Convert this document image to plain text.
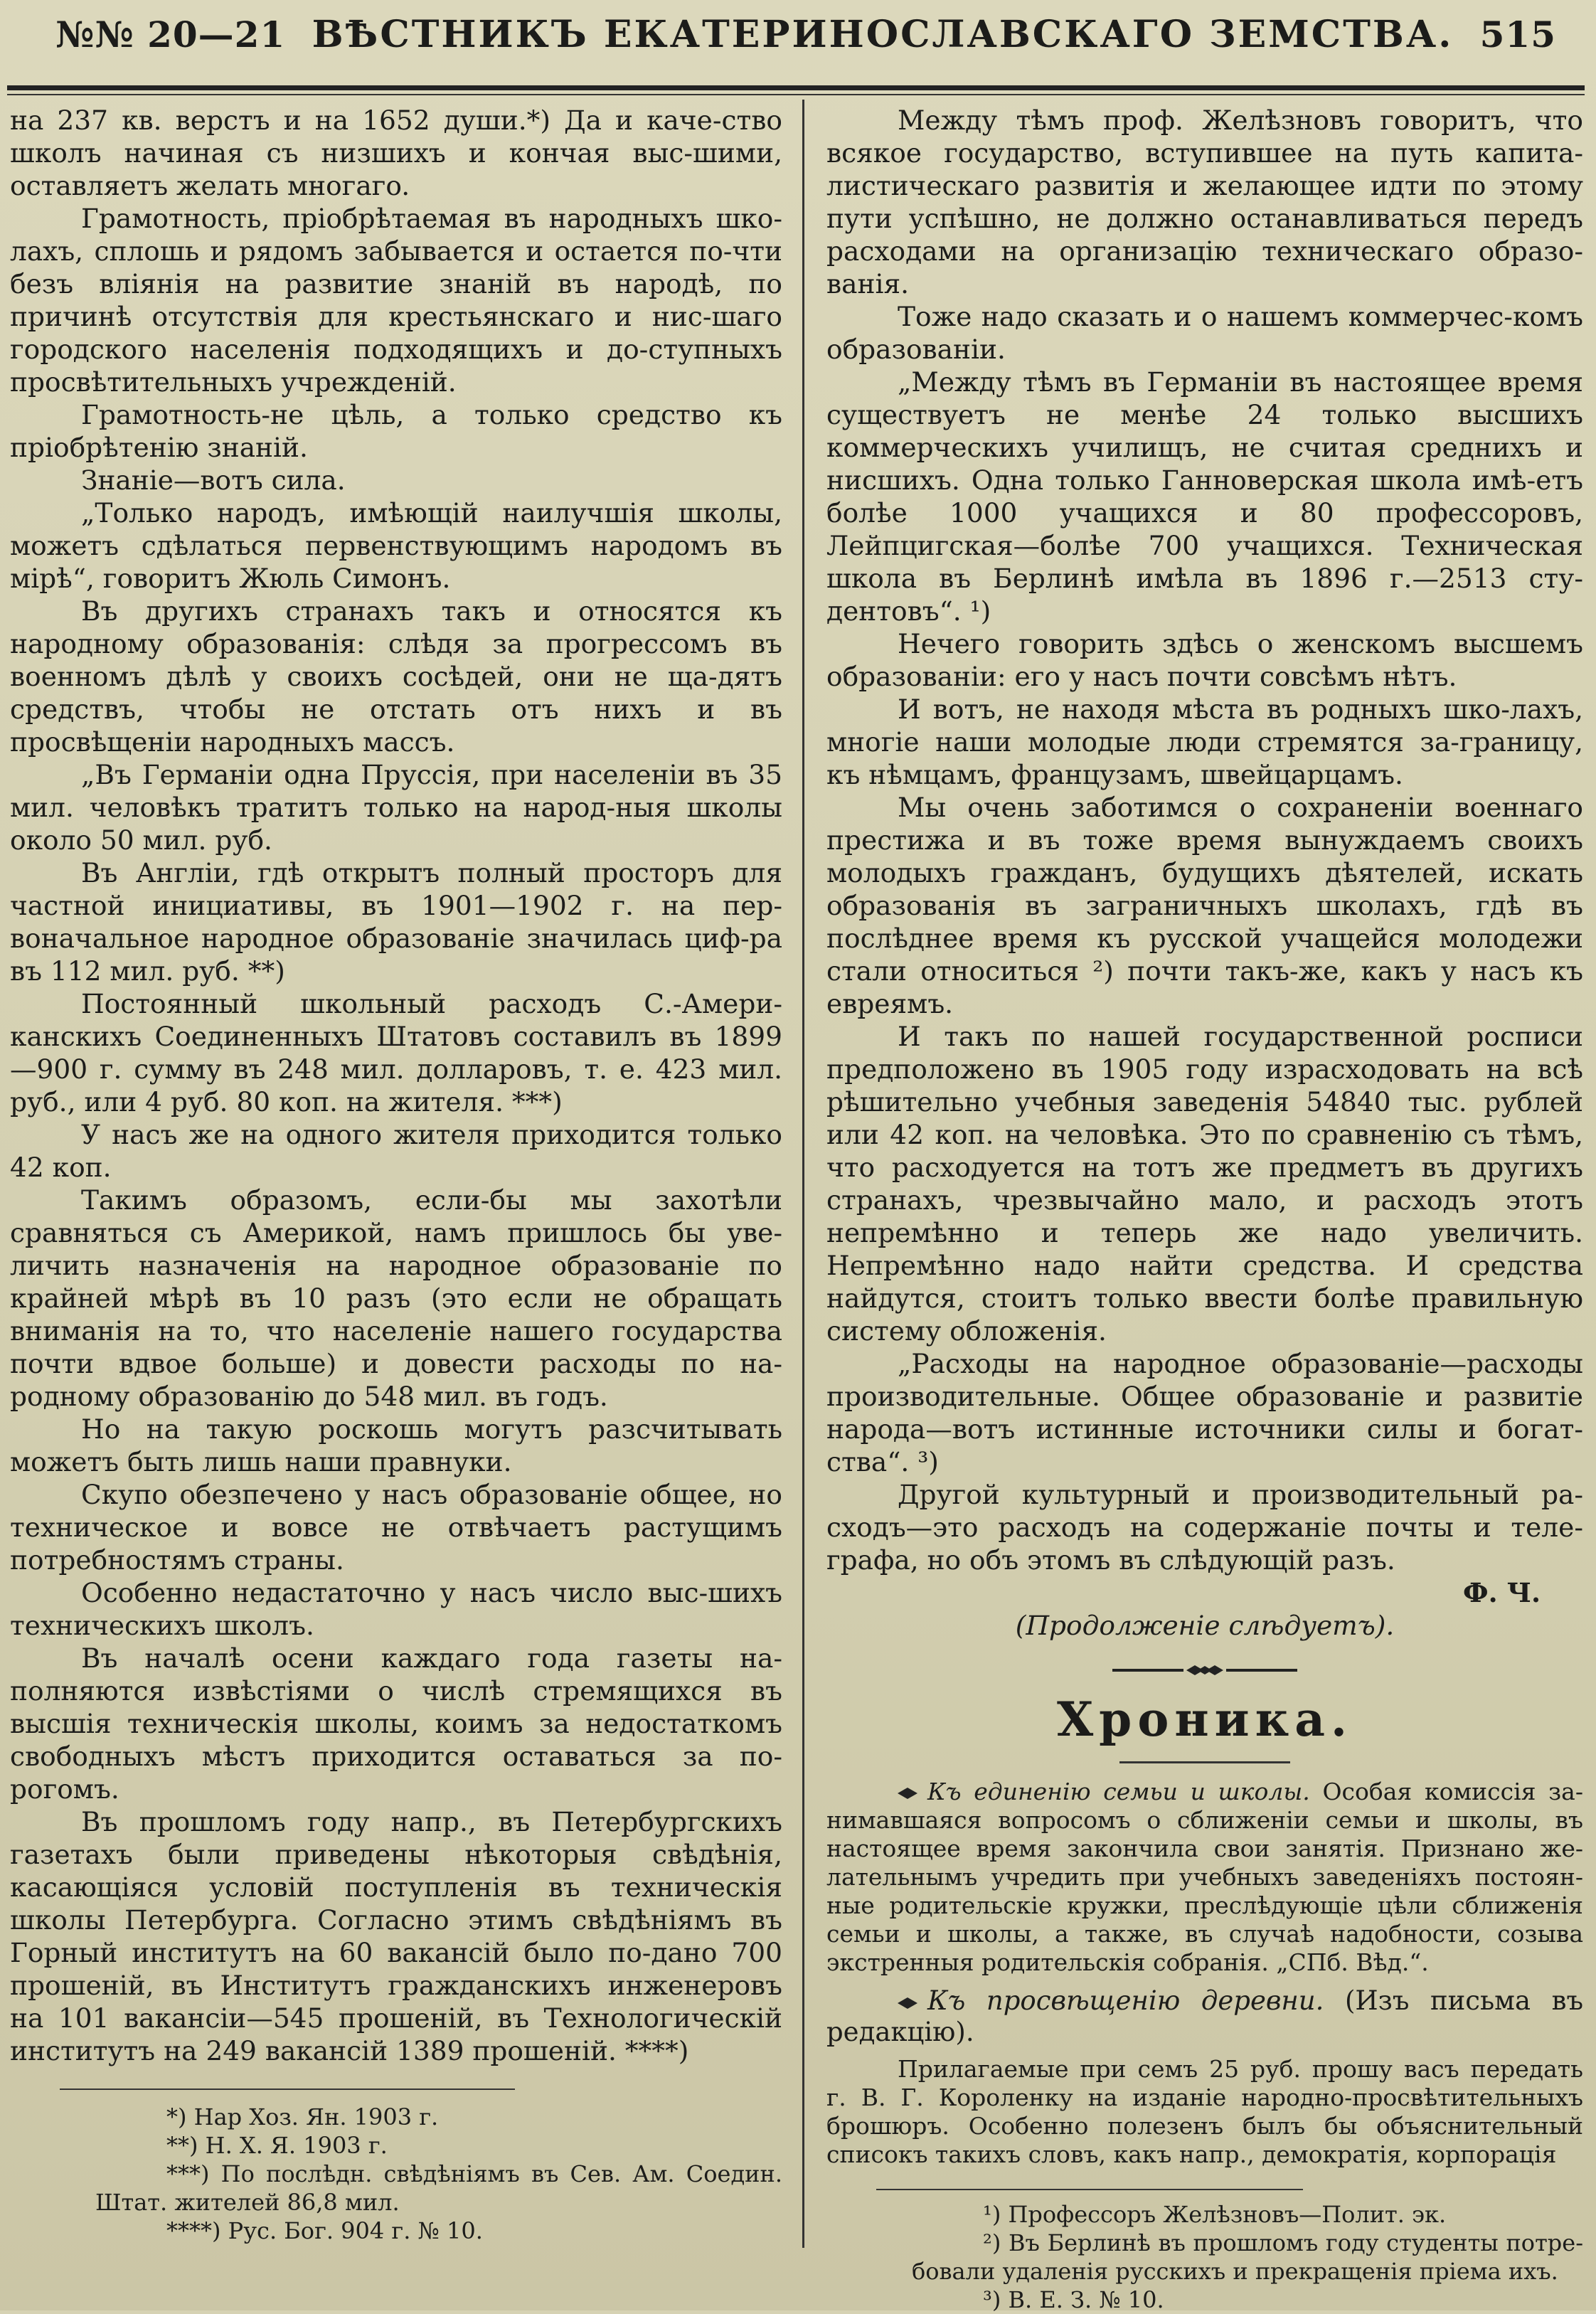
№№ 20—21 ВѢСТНИКЪ ЕКАТЕРИНОСЛАВСКАГО ЗЕМСТВА. 515

на 237 кв. верстъ и на 1652 души.*) Да и каче-ство школъ начиная съ низшихъ и кончая выс-шими, оставляетъ желать многагo.

Грамотность, пріобрѣтаемая въ народныхъ шко-лахъ, сплошь и рядомъ забывается и остается по-чти безъ вліянія на развитие знаній въ народѣ, по причинѣ отсутствія для крестьянскаго и нис-шаго городского населенія подходящихъ и до-ступныхъ просвѣтительныхъ учрежденій.

Грамотность-не цѣль, а только средство къ пріобрѣтенію знаній.

Знаніе—вотъ сила.

„Только народъ, имѣющій наилучшія школы, можетъ сдѣлаться первенствующимъ народомъ въ мірѣ“, говоритъ Жюль Симонъ.

Въ другихъ странахъ такъ и относятся къ народному образованія: слѣдя за прогрессомъ въ военномъ дѣлѣ у своихъ сосѣдей, они не ща-дятъ средствъ, чтобы не отстать отъ нихъ и въ просвѣщеніи народныхъ массъ.

„Въ Германіи одна Пруссія, при населеніи въ 35 мил. человѣкъ тратитъ только на народ-ныя школы около 50 мил. руб.

Въ Англіи, гдѣ открытъ полный просторъ для частной инициативы, въ 1901—1902 г. на пер-воначальное народное образованіе значилась циф-ра въ 112 мил. руб. **)

Постоянный школьный расходъ С.-Амери-канскихъ Соединенныхъ Штатовъ составилъ въ 1899—900 г. сумму въ 248 мил. долларовъ, т. е. 423 мил. руб., или 4 руб. 80 коп. на жителя. ***)

У насъ же на одного жителя приходится только 42 коп.

Такимъ образомъ, если-бы мы захотѣли сравняться съ Америкой, намъ пришлось бы уве-личить назначенія на народное образованіе по крайней мѣрѣ въ 10 разъ (это если не обращать вниманія на то, что населеніе нашего государства почти вдвое больше) и довести расходы по на-родному образованію до 548 мил. въ годъ.

Но на такую роскошь могутъ разсчитывать можетъ быть лишь наши правнуки.

Скупо обезпечено у насъ образованіе общее, но техническое и вовсе не отвѣчаетъ растущимъ потребностямъ страны.

Особенно недастаточно у насъ число выс-шихъ техническихъ школъ.

Въ началѣ осени каждаго года газеты на-полняются извѣстіями о числѣ стремящихся въ высшія техническія школы, коимъ за недостаткомъ свободныхъ мѣстъ приходится оставаться за по-рогомъ.

Въ прошломъ году напр., въ Петербургскихъ газетахъ были приведены нѣкоторыя свѣдѣнія, касающіяся условій поступленія въ техническія школы Петербурга. Согласно этимъ свѣдѣніямъ въ Горный институтъ на 60 вакансій было по-дано 700 прошеній, въ Институтъ гражданскихъ инженеровъ на 101 вакансіи—545 прошеній, въ Технологическій институтъ на 249 вакансій 1389 прошеній. ****)

*) Нар Хоз. Ян. 1903 г.

**) Н. Х. Я. 1903 г.

***) По послѣдн. свѣдѣніямъ въ Сев. Ам. Соедин. Штат. жителей 86,8 мил.

****) Рус. Бог. 904 г. № 10.

Между тѣмъ проф. Желѣзновъ говоритъ, что всякое государство, вступившее на путь капита-листическаго развитія и желающее идти по этому пути успѣшно, не должно останавливаться передъ расходами на организацію техническаго образо-ванія.

Тоже надо сказать и о нашемъ коммерчес-комъ образованіи.

„Между тѣмъ въ Германіи въ настоящее время существуетъ не менѣе 24 только высшихъ коммерческихъ училищъ, не считая среднихъ и нисшихъ. Одна только Ганноверская школа имѣ-етъ болѣе 1000 учащихся и 80 профессоровъ, Лейпцигская—болѣе 700 учащихся. Техническая школа въ Берлинѣ имѣла въ 1896 г.—2513 сту-дентовъ“. ¹)

Нечего говорить здѣсь о женскомъ высшемъ образованіи: его у насъ почти совсѣмъ нѣтъ.

И вотъ, не находя мѣста въ родныхъ шко-лахъ, многіе наши молодые люди стремятся за-границу, къ нѣмцамъ, французамъ, швейцарцамъ.

Мы очень заботимся о сохраненіи военнаго престижа и въ тоже время вынуждаемъ своихъ молодыхъ гражданъ, будущихъ дѣятелей, искать образованія въ заграничныхъ школахъ, гдѣ въ послѣднее время къ русской учащейся молодежи стали относиться ²) почти такъ-же, какъ у насъ къ евреямъ.

И такъ по нашей государственной росписи предположено въ 1905 году израсходовать на всѣ рѣшительно учебныя заведенія 54840 тыс. рублей или 42 коп. на человѣка. Это по сравненію съ тѣмъ, что расходуется на тотъ же предметъ въ другихъ странахъ, чрезвычайно мало, и расходъ этотъ непремѣнно и теперь же надо увеличить. Непремѣнно надо найти средства. И средства найдутся, стоитъ только ввести болѣе правильную систему обложенія.

„Расходы на народное образованіе—расходы производительные. Общее образованіе и развитіе народа—вотъ истинные источники силы и богат-ства“. ³)

Другой культурный и производительный ра-сходъ—это расходъ на содержаніе почты и теле-графа, но объ этомъ въ слѣдующій разъ.

Ф. Ч.

(Продолженіе слѣдуетъ).

Хроника.

Къ единенію семьи и школы. Особая комиссія за-нимавшаяся вопросомъ о сближеніи семьи и школы, въ настоящее время закончила свои занятія. Признано же-лательнымъ учредить при учебныхъ заведеніяхъ постоян-ные родительскіе кружки, преслѣдующіе цѣли сближенія семьи и школы, а также, въ случаѣ надобности, созыва экстренныя родительскія собранія. „СПб. Вѣд.“.

Къ просвѣщенію деревни. (Изъ письма въ редакцію).

Прилагаемые при семъ 25 руб. прошу васъ передать г. В. Г. Короленку на изданіе народно-просвѣтительныхъ брошюръ. Особенно полезенъ былъ бы объяснительный списокъ такихъ словъ, какъ напр., демократія, корпорація

¹) Профессоръ Желѣзновъ—Полит. эк.

²) Въ Берлинѣ въ прошломъ году студенты потре-бовали удаленія русскихъ и прекращенія пріема ихъ.

³) В. Е. З. № 10.
